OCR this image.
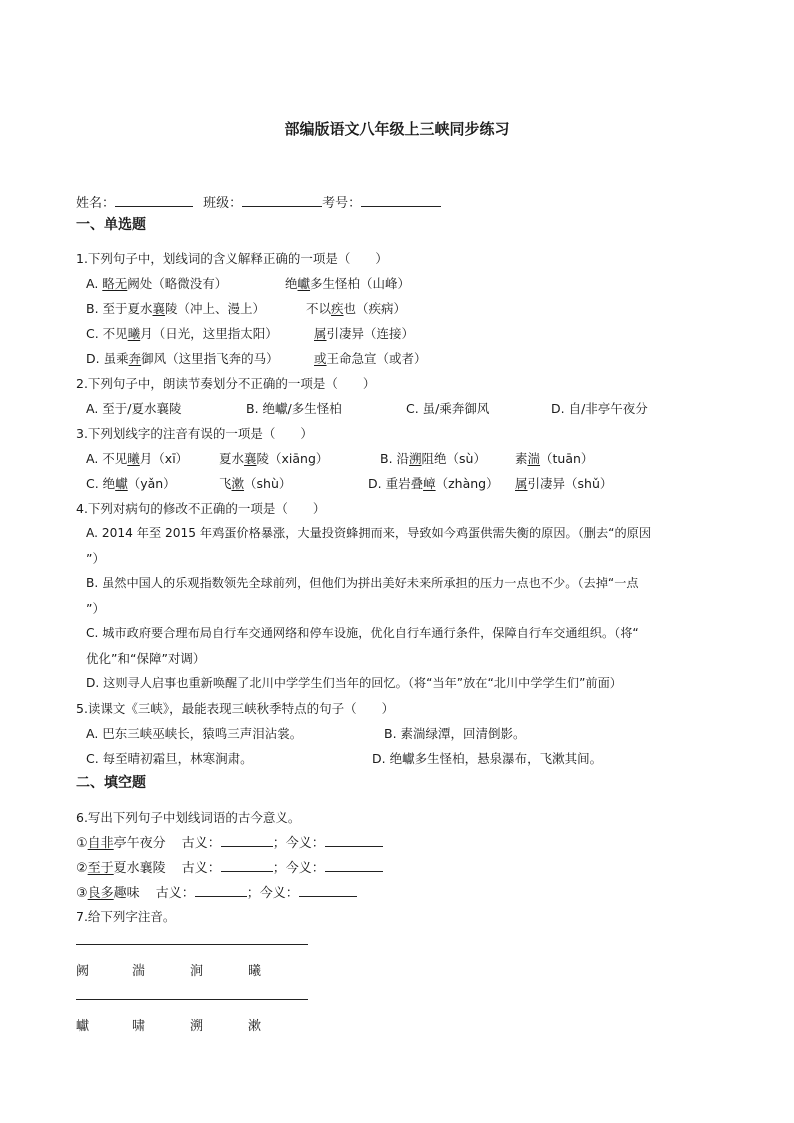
部编版语文八年级上三峡同步练习
姓名：	班级：	考号：
一、单选题
1.下列句子中，划线词的含义解释正确的一项是（　　）
A. 略无阙处（略微没有）	绝巘多生怪柏（山峰）
B. 至于夏水襄陵（冲上、漫上）	不以疾也（疾病）
C. 不见曦月（日光，这里指太阳）	属引凄异（连接）
D. 虽乘奔御风（这里指飞奔的马）	或王命急宣（或者）
2.下列句子中，朗读节奏划分不正确的一项是（　　）
A. 至于/夏水襄陵	B. 绝巘/多生怪柏	C. 虽/乘奔御风	D. 自/非亭午夜分
3.下列划线字的注音有误的一项是（　　）
A. 不见曦月（xī） 夏水襄陵（xiāng）	B. 沿溯阻绝（sù） 素湍（tuān）
C. 绝巘（yǎn）	飞漱（shù）	D. 重岩叠嶂（zhàng） 属引凄异（shǔ）
4.下列对病句的修改不正确的一项是（　　）
A. 2014 年至 2015 年鸡蛋价格暴涨，大量投资蜂拥而来，导致如今鸡蛋供需失衡的原因。（删去“的原因
”）
B. 虽然中国人的乐观指数领先全球前列，但他们为拼出美好未来所承担的压力一点也不少。（去掉“一点
”）
C. 城市政府要合理布局自行车交通网络和停车设施，优化自行车通行条件，保障自行车交通组织。（将“
优化”和“保障”对调）
D. 这则寻人启事也重新唤醒了北川中学学生们当年的回忆。（将“当年”放在“北川中学学生们”前面）
5.读课文《三峡》，最能表现三峡秋季特点的句子（　　）
A. 巴东三峡巫峡长，猿鸣三声泪沾裳。	B. 素湍绿潭，回清倒影。
C. 每至晴初霜旦，林寒涧肃。	D. 绝巘多生怪柏，悬泉瀑布，飞漱其间。
二、填空题
6.写出下列句子中划线词语的古今意义。
①自非亭午夜分 古义：	；今义：
②至于夏水襄陵 古义：	；今义：
③良多趣味 古义：	；今义：
7.给下列字注音。
阙	湍	涧	曦
巘	啸	溯	漱
